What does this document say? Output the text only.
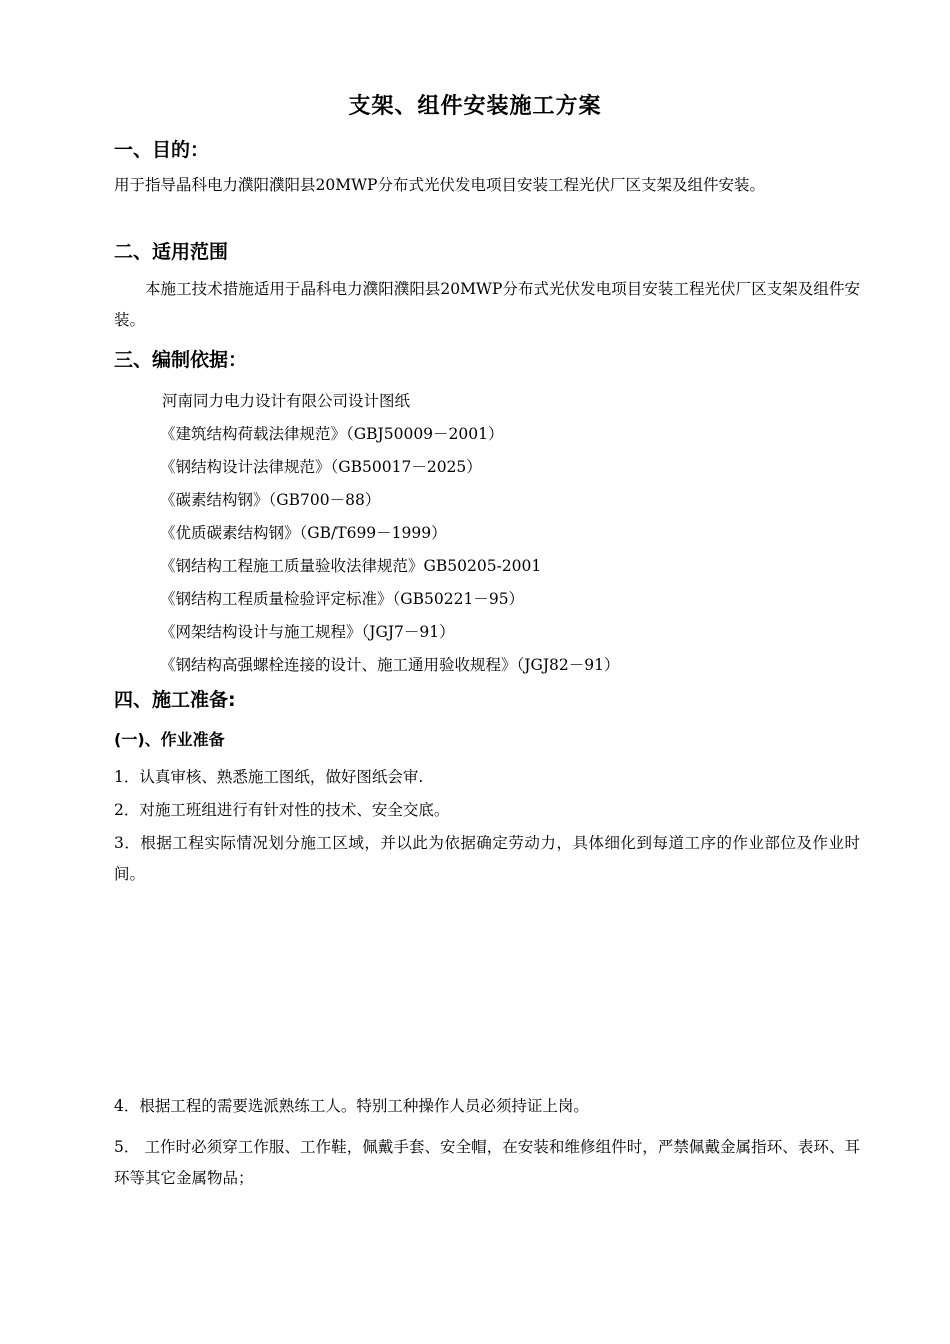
支架、组件安装施工方案
一、目的：
用于指导晶科电力濮阳濮阳县20MWP分布式光伏发电项目安装工程光伏厂区支架及组件安装。
二、适用范围
本施工技术措施适用于晶科电力濮阳濮阳县20MWP分布式光伏发电项目安装工程光伏厂区支架及组件安装。
三、编制依据：
河南同力电力设计有限公司设计图纸
《建筑结构荷载法律规范》（GBJ50009－2001）
《钢结构设计法律规范》（GB50017－2025）
《碳素结构钢》（GB700－88）
《优质碳素结构钢》（GB/T699－1999）
《钢结构工程施工质量验收法律规范》GB50205-2001
《钢结构工程质量检验评定标准》（GB50221－95）
《网架结构设计与施工规程》（JGJ7－91）
《钢结构高强螺栓连接的设计、施工通用验收规程》（JGJ82－91）
四、施工准备:
(一)、作业准备
1．认真审核、熟悉施工图纸，做好图纸会审.
2．对施工班组进行有针对性的技术、安全交底。
3．根据工程实际情况划分施工区域，并以此为依据确定劳动力，具体细化到每道工序的作业部位及作业时间。
4．根据工程的需要选派熟练工人。特别工种操作人员必须持证上岗。
5． 工作时必须穿工作服、工作鞋，佩戴手套、安全帽，在安装和维修组件时，严禁佩戴金属指环、表环、耳环等其它金属物品；
